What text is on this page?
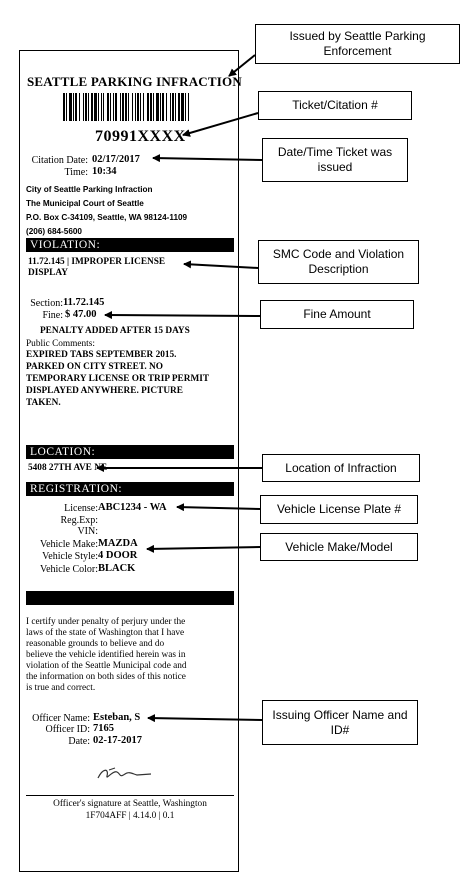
SEATTLE PARKING INFRACTION
70991XXXX
Citation Date: 02/17/2017
Time: 10:34
City of Seattle Parking Infraction
The Municipal Court of Seattle
P.O. Box C-34109, Seattle, WA 98124-1109
(206) 684-5600
VIOLATION:
11.72.145 | IMPROPER LICENSE
DISPLAY
Section: 11.72.145
Fine: $ 47.00
PENALTY ADDED AFTER 15 DAYS
Public Comments:
EXPIRED TABS SEPTEMBER 2015.
PARKED ON CITY STREET. NO
TEMPORARY LICENSE OR TRIP PERMIT
DISPLAYED ANYWHERE. PICTURE
TAKEN.
LOCATION:
5408 27TH AVE NE
REGISTRATION:
License: ABC1234 - WA
Reg.Exp:
VIN:
Vehicle Make: MAZDA
Vehicle Style: 4 DOOR
Vehicle Color: BLACK
I certify under penalty of perjury under the
laws of the state of Washington that I have
reasonable grounds to believe and do
believe the vehicle identified herein was in
violation of the Seattle Municipal code and
the information on both sides of this notice
is true and correct.
Officer Name: Esteban, S
Officer ID: 7165
Date: 02-17-2017
Officer's signature at Seattle, Washington
1F704AFF | 4.14.0 | 0.1
Issued by Seattle Parking Enforcement
Ticket/Citation #
Date/Time Ticket was issued
SMC Code and Violation Description
Fine Amount
Location of Infraction
Vehicle License Plate #
Vehicle Make/Model
Issuing Officer Name and ID#
